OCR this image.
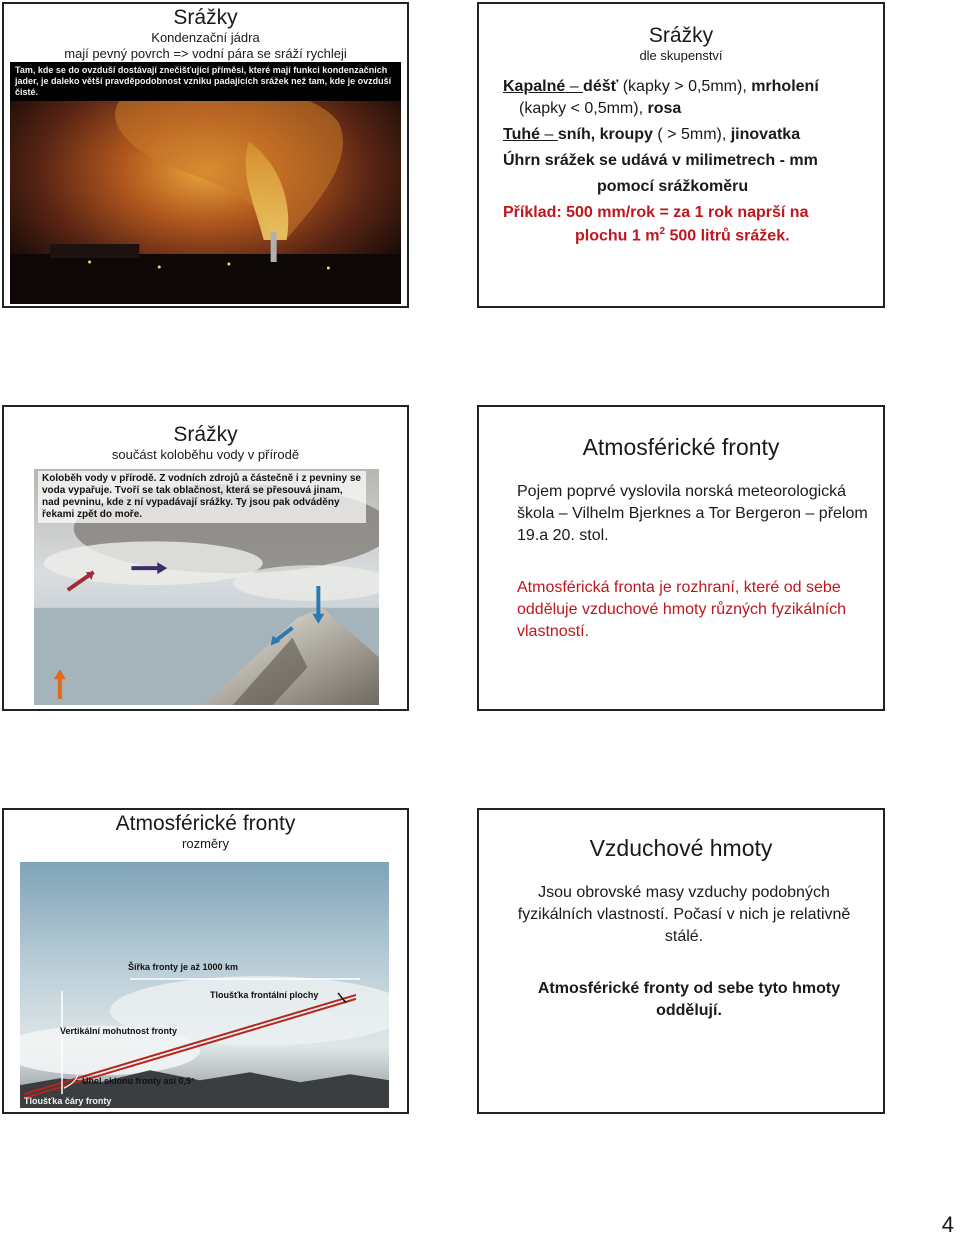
Srážky
Kondenzační jádra
mají pevný povrch => vodní pára se sráží rychleji
Tam, kde se do ovzduší dostávají znečišťující příměsi, které mají funkci kondenzačních jader, je daleko větší pravděpodobnost vzniku padajících srážek než tam, kde je ovzduší čisté.
Srážky
dle skupenství
Kapalné – déšť (kapky > 0,5mm), mrholení
(kapky < 0,5mm), rosa
Tuhé – sníh, kroupy ( > 5mm), jinovatka
Úhrn srážek se udává v milimetrech - mm
pomocí srážkoměru
Příklad: 500 mm/rok = za 1 rok naprší na
plochu 1 $m^2$ 500 litrů srážek.
Srážky
součást koloběhu vody v přírodě
Koloběh vody v přírodě. Z vodních zdrojů a částečně i z pevniny se voda vypařuje. Tvoří se tak oblačnost, která se přesouvá jinam, nad pevninu, kde z ní vypadávají srážky. Ty jsou pak odváděny řekami zpět do moře.
Atmosférické fronty
Pojem poprvé vyslovila norská meteorologická škola – Vilhelm Bjerknes a Tor Bergeron – přelom 19.a 20. stol.
Atmosférická fronta je rozhraní, které od sebe odděluje vzduchové hmoty různých fyzikálních vlastností.
Atmosférické fronty
rozměry
Šířka fronty je až 1000 km
Tloušťka frontální plochy
Vertikální mohutnost fronty
Úhel sklonu fronty asi 0,5°
Tloušťka čáry fronty
Vzduchové hmoty
Jsou obrovské masy vzduchy podobných fyzikálních vlastností. Počasí v nich je relativně stálé.
Atmosférické fronty od sebe tyto hmoty oddělují.
4
